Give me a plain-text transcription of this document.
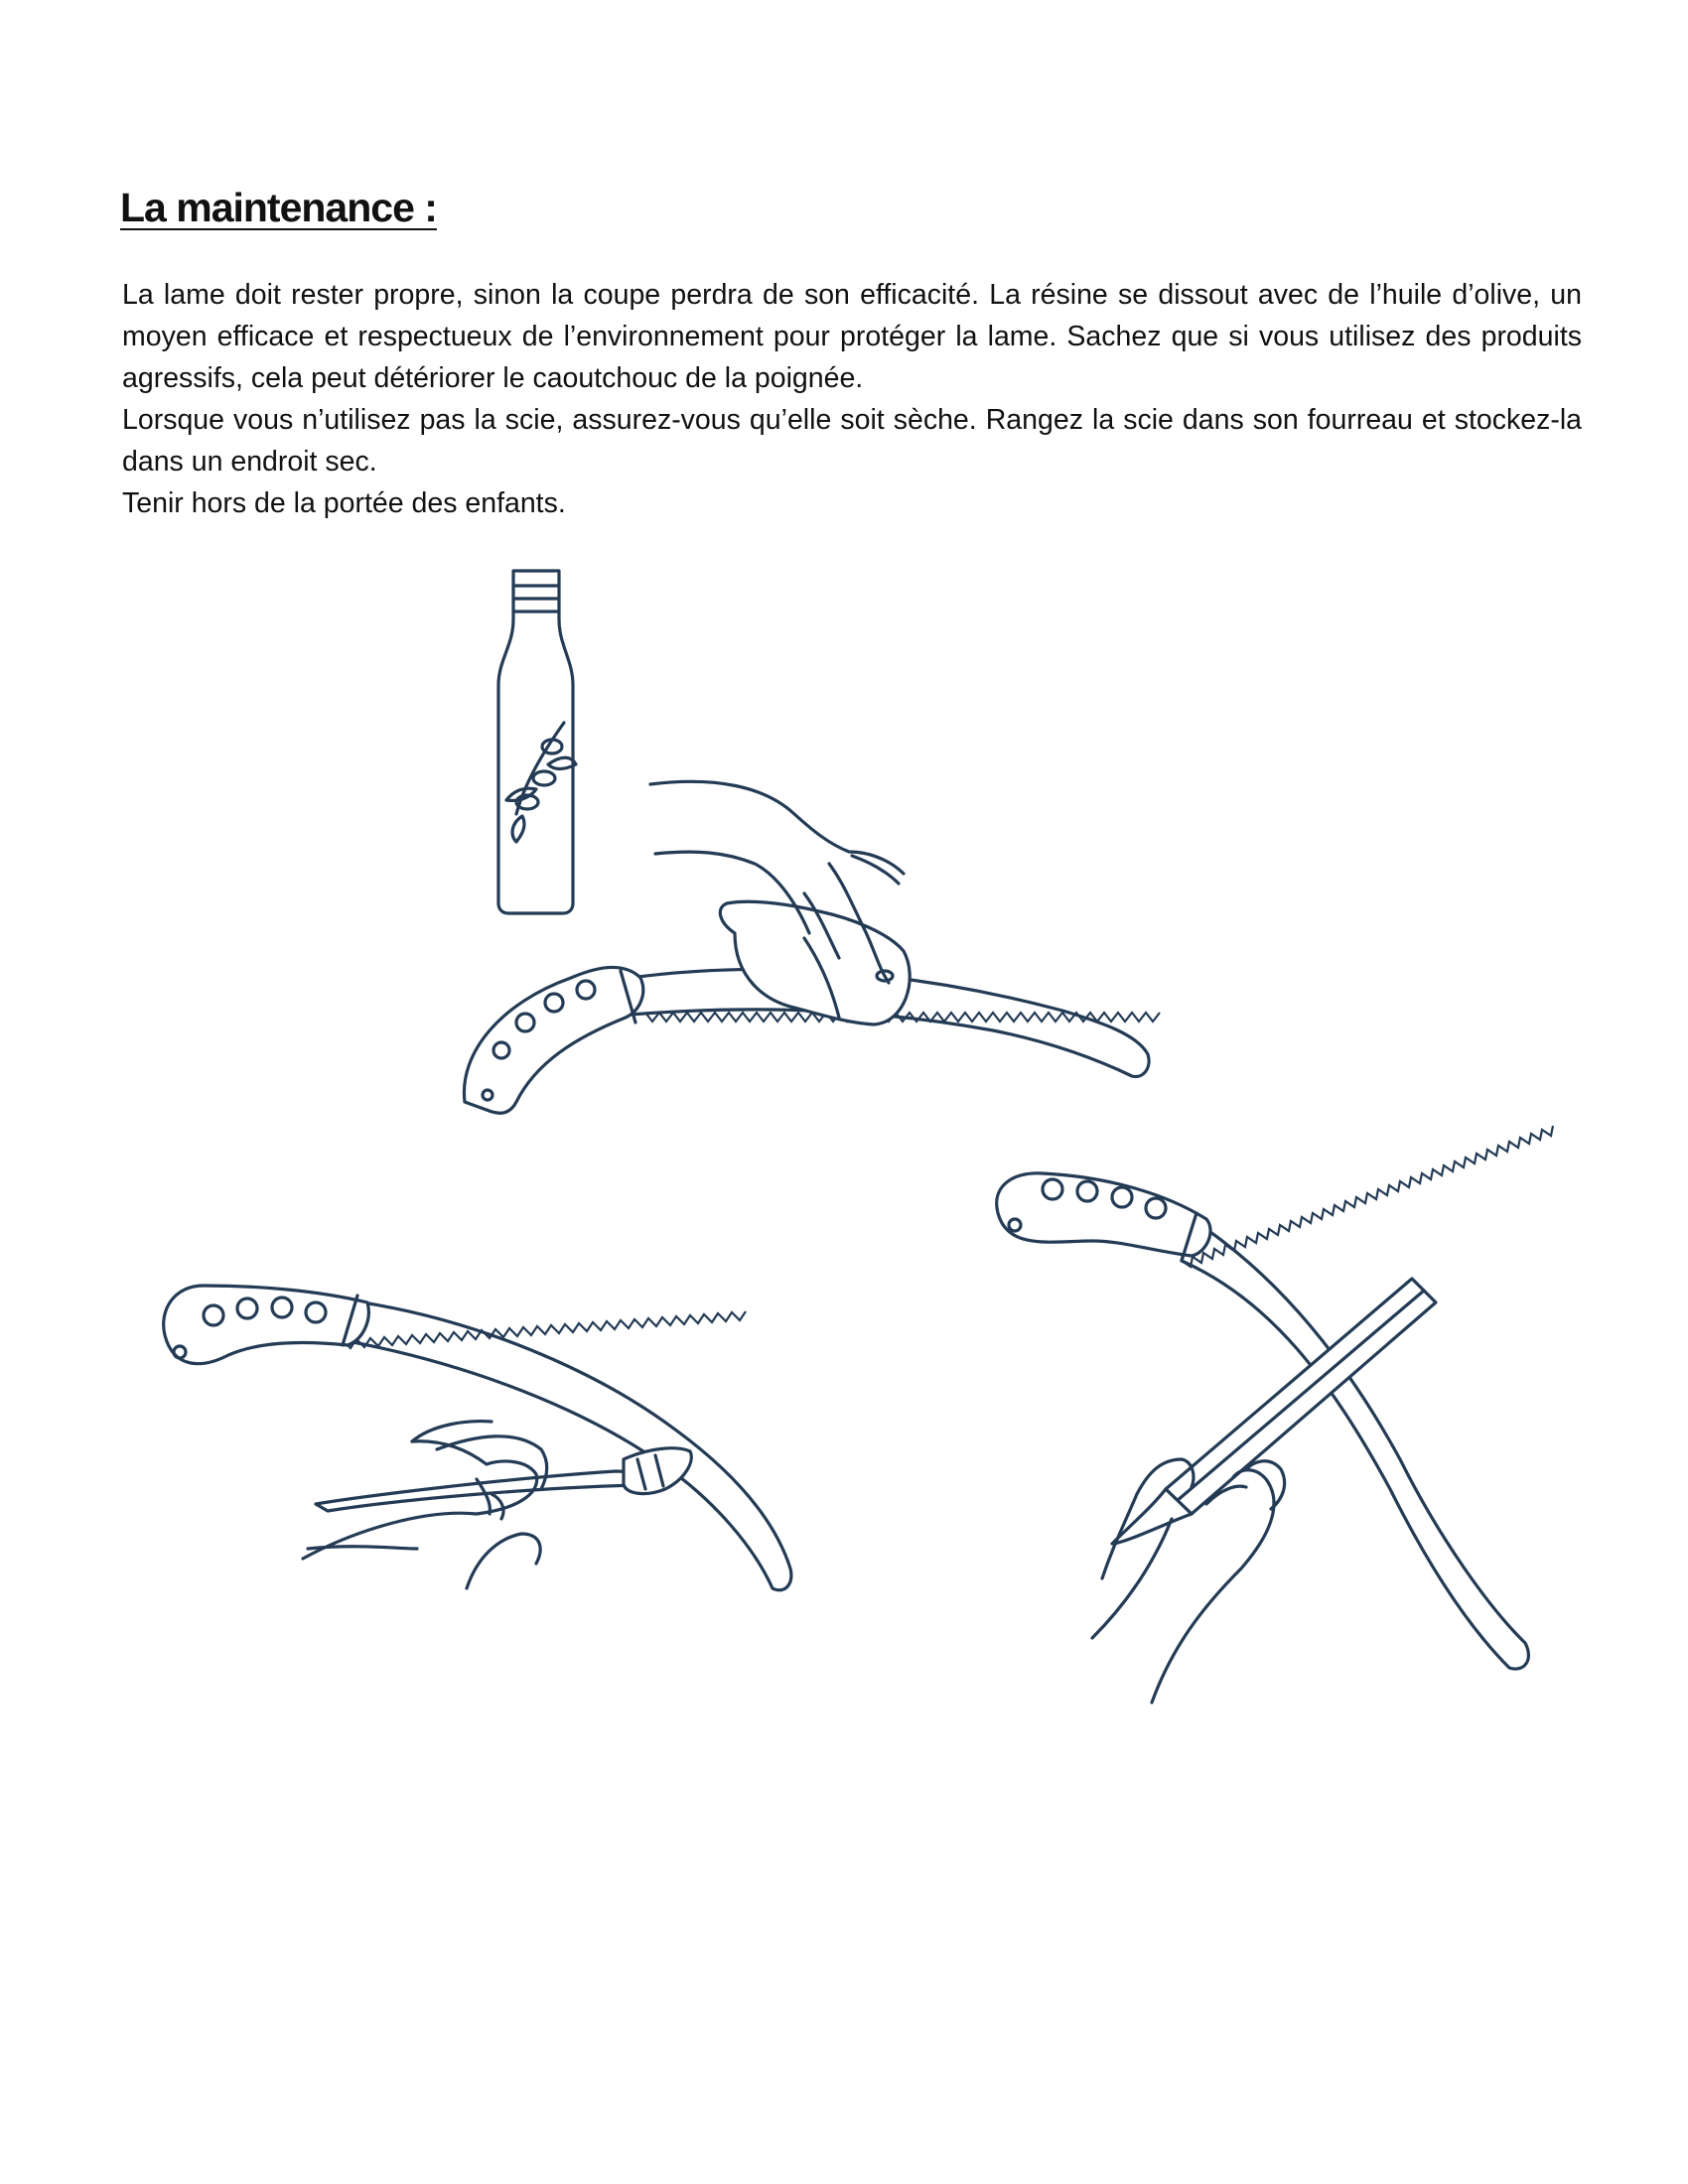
La maintenance :

La lame doit rester propre, sinon la coupe perdra de son efficacité. La résine se dissout avec de l’huile d’olive, un moyen efficace et respectueux de l’environnement pour protéger la lame. Sachez que si vous utilisez des produits agressifs, cela peut détériorer le caoutchouc de la poignée.

Lorsque vous n’utilisez pas la scie, assurez-vous qu’elle soit sèche. Rangez la scie dans son fourreau et stockez-la dans un endroit sec.

Tenir hors de la portée des enfants.
